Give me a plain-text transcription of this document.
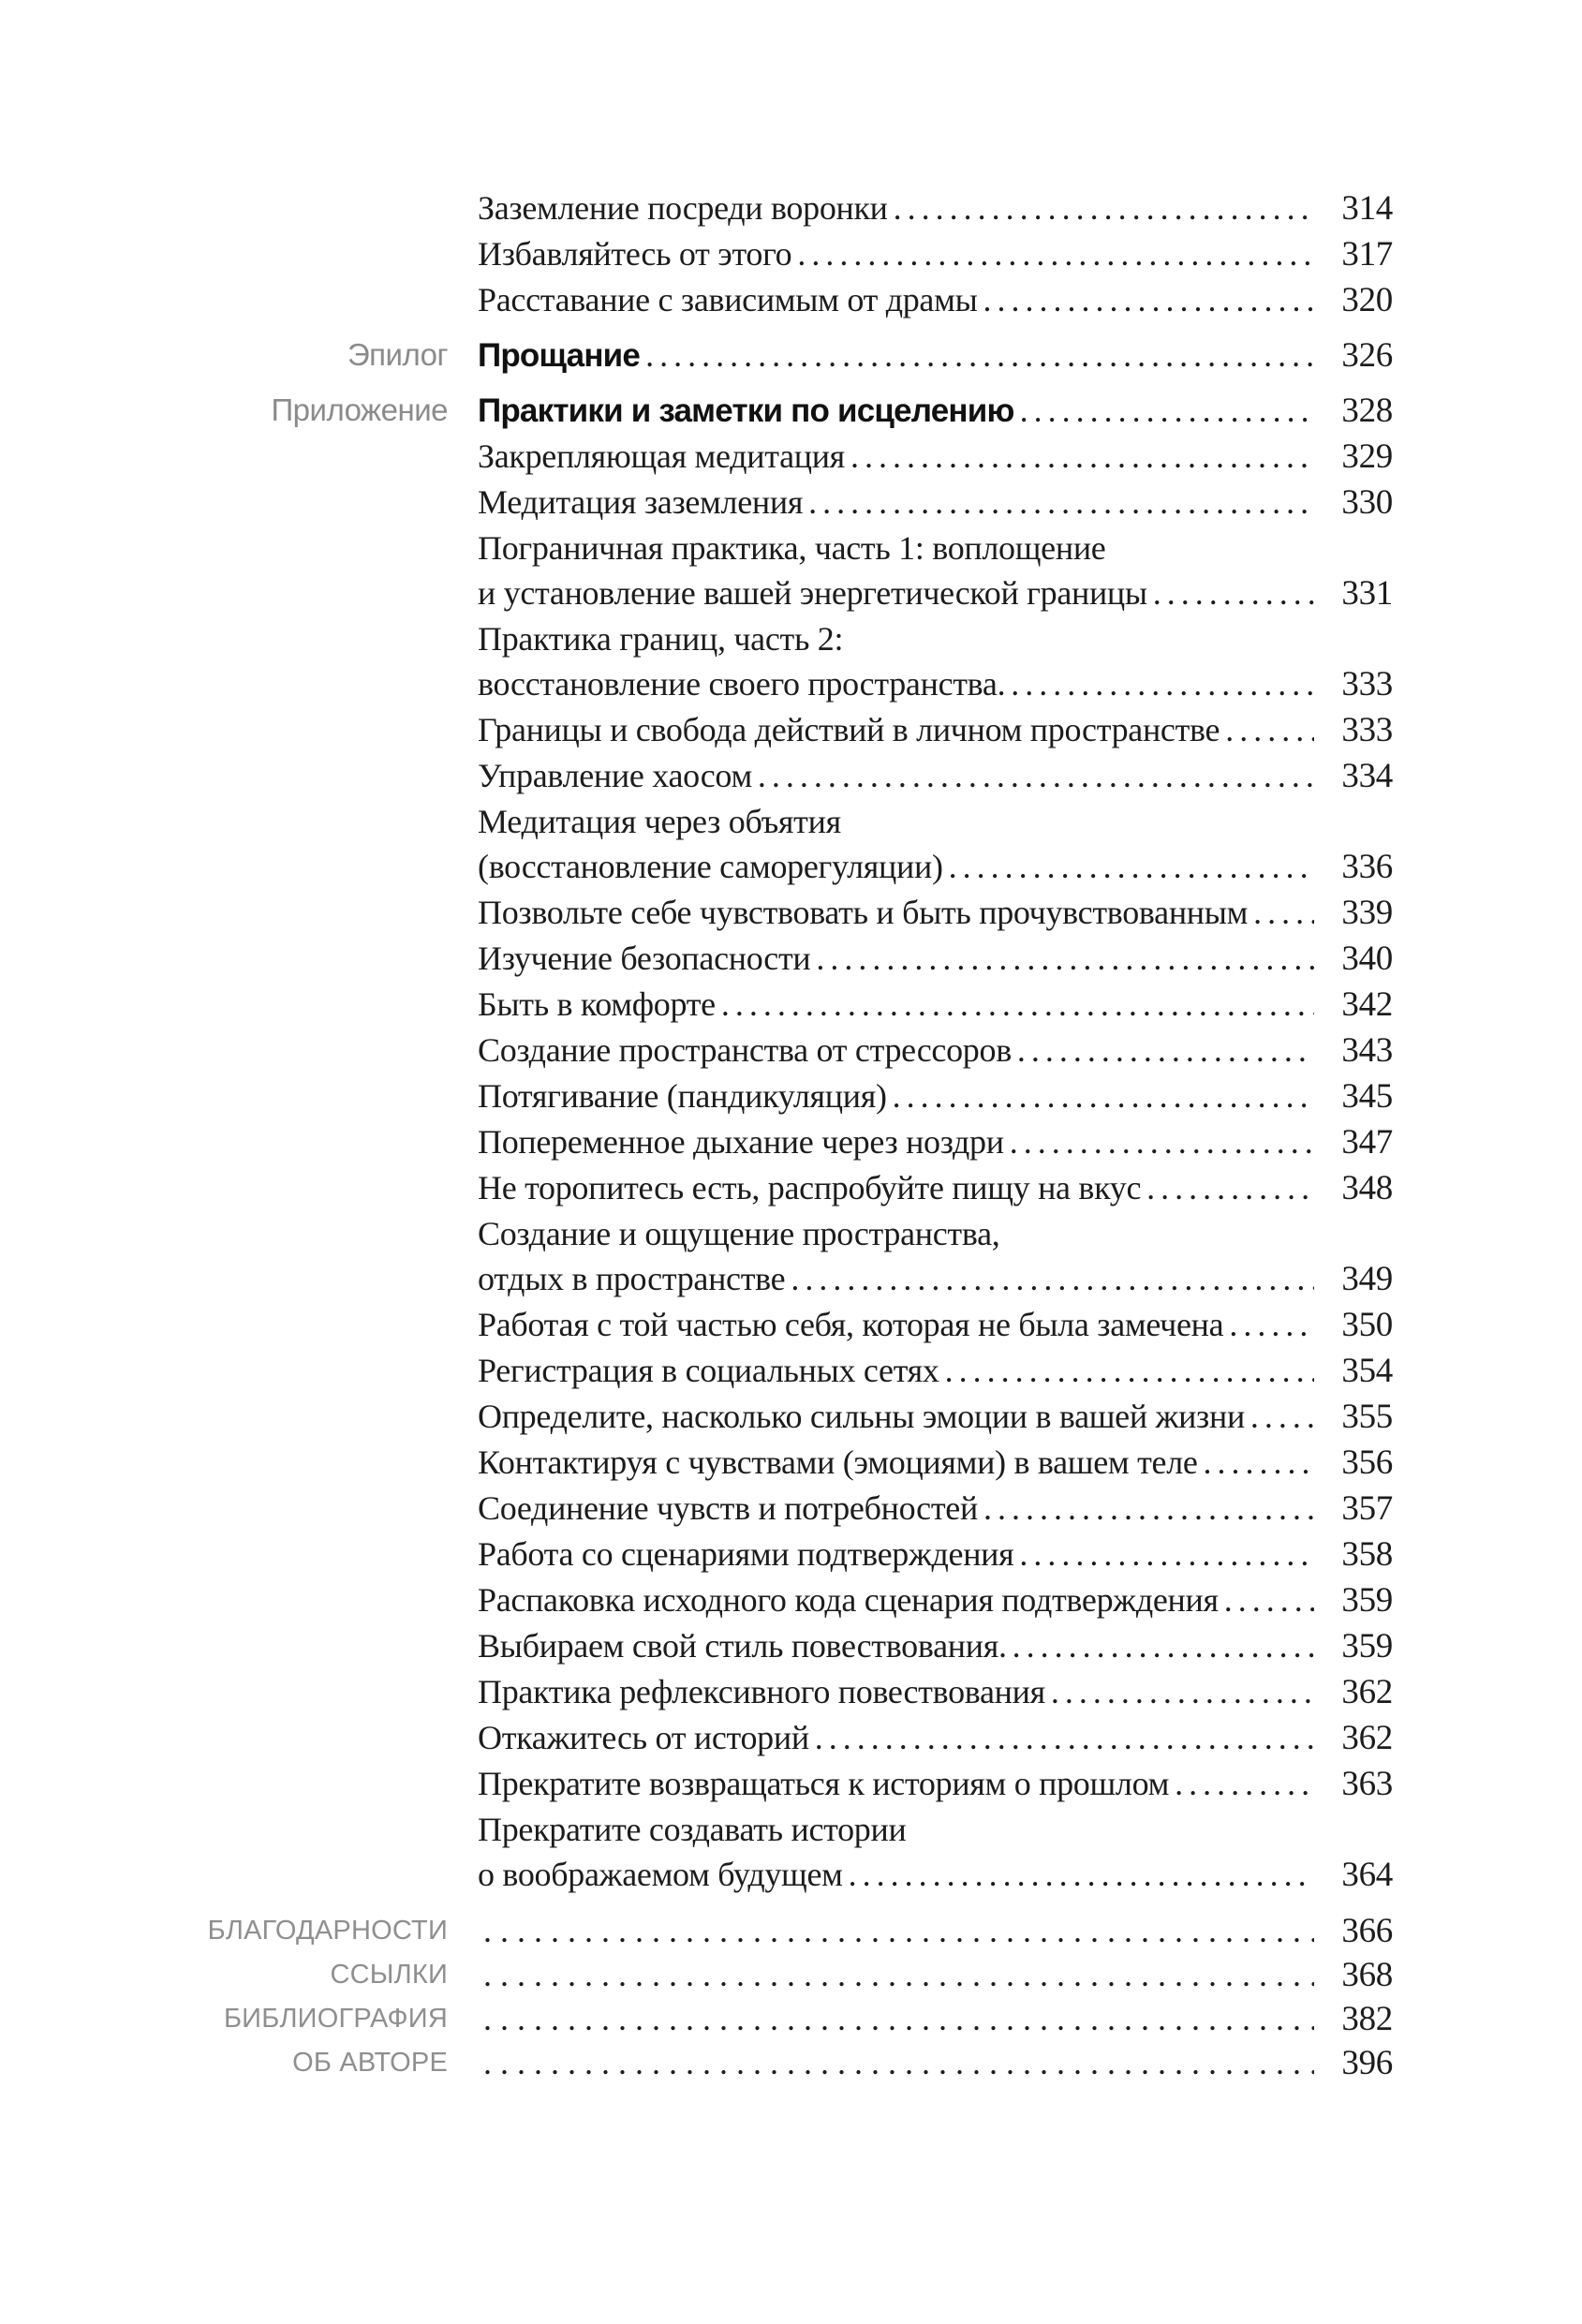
Заземление посреди воронки .....	314
Избавляйтесь от этого .....	317
Расставание с зависимым от драмы .....	320
Эпилог Прощание .....	326
Приложение Практики и заметки по исцелению .....	328
Закрепляющая медитация .....	329
Медитация заземления .....	330
Пограничная практика, часть 1: воплощение
и установление вашей энергетической границы .....	331
Практика границ, часть 2:
восстановление своего пространства. .....	333
Границы и свобода действий в личном пространстве .....	333
Управление хаосом .....	334
Медитация через объятия
(восстановление саморегуляции) .....	336
Позвольте себе чувствовать и быть прочувствованным .....	339
Изучение безопасности .....	340
Быть в комфорте .....	342
Создание пространства от стрессоров .....	343
Потягивание (пандикуляция) .....	345
Попеременное дыхание через ноздри .....	347
Не торопитесь есть, распробуйте пищу на вкус .....	348
Создание и ощущение пространства,
отдых в пространстве .....	349
Работая с той частью себя, которая не была замечена .....	350
Регистрация в социальных сетях .....	354
Определите, насколько сильны эмоции в вашей жизни .....	355
Контактируя с чувствами (эмоциями) в вашем теле .....	356
Соединение чувств и потребностей .....	357
Работа со сценариями подтверждения .....	358
Распаковка исходного кода сценария подтверждения .....	359
Выбираем свой стиль повествования. .....	359
Практика рефлексивного повествования .....	362
Откажитесь от историй .....	362
Прекратите возвращаться к историям о прошлом .....	363
Прекратите создавать истории
о воображаемом будущем .....	364
БЛАГОДАРНОСТИ .....	366
ССЫЛКИ .....	368
БИБЛИОГРАФИЯ .....	382
ОБ АВТОРЕ .....	396
